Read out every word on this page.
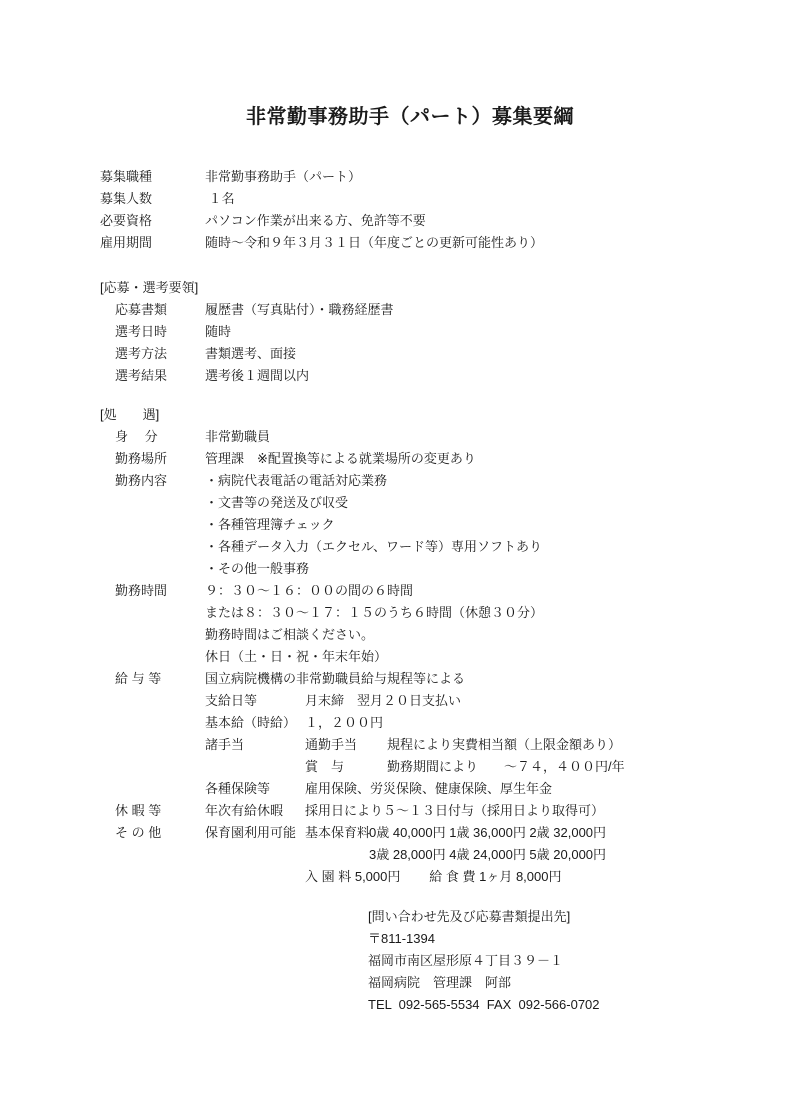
非常勤事務助手（パート）募集要綱
募集職種	非常勤事務助手（パート）
募集人数	１名
必要資格	パソコン作業が出来る方、免許等不要
雇用期間	随時～令和９年３月３１日（年度ごとの更新可能性あり）
[応募・選考要領]
応募書類	履歴書（写真貼付）・職務経歴書
選考日時	随時
選考方法	書類選考、面接
選考結果	選考後１週間以内
[処　　遇]
身　 分	非常勤職員
勤務場所	管理課　※配置換等による就業場所の変更あり
勤務内容	・病院代表電話の電話対応業務
・文書等の発送及び収受
・各種管理簿チェック
・各種データ入力（エクセル、ワード等）専用ソフトあり
・その他一般事務
勤務時間	９：３０～１６：００の間の６時間
または８：３０～１７：１５のうち６時間（休憩３０分）
勤務時間はご相談ください。
休日（土・日・祝・年末年始）
給 与 等	国立病院機構の非常勤職員給与規程等による
支給日等	月末締　翌月２０日支払い
基本給（時給） １，２００円
諸手当	通勤手当	規程により実費相当額（上限金額あり）
賞　与	勤務期間により　　～７４，４００円/年
各種保険等	雇用保険、労災保険、健康保険、厚生年金
休 暇 等	年次有給休暇	採用日により５～１３日付与（採用日より取得可）
そ の 他	保育園利用可能 基本保育料
0歳 40,000円 1歳 36,000円 2歳 32,000円
3歳 28,000円 4歳 24,000円 5歳 20,000円
入 園 料 5,000円        給 食 費 1ヶ月 8,000円
[問い合わせ先及び応募書類提出先]
〒811-1394
福岡市南区屋形原４丁目３９－１
福岡病院　管理課　阿部
TEL  092-565-5534  FAX  092-566-0702
